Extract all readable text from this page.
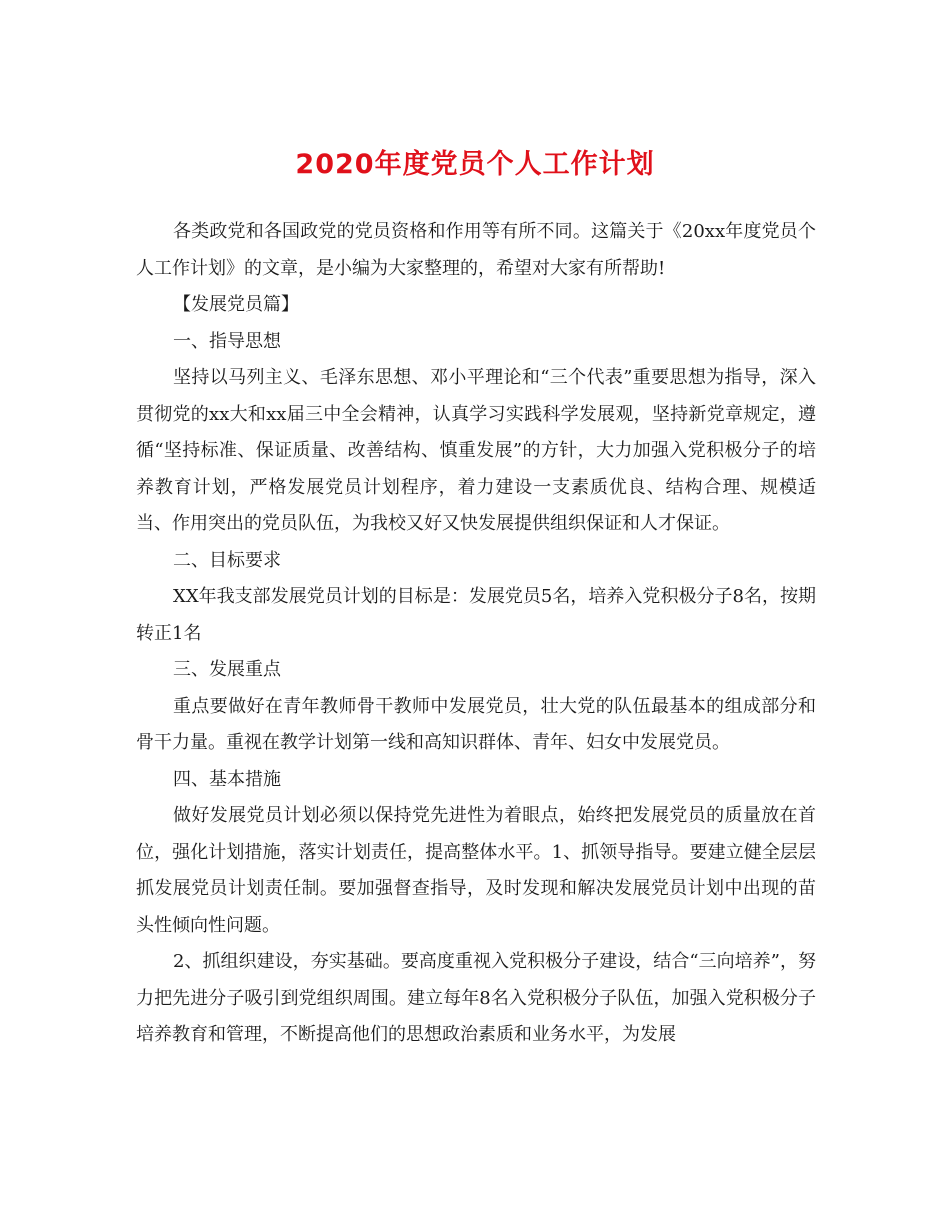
2020年度党员个人工作计划

各类政党和各国政党的党员资格和作用等有所不同。这篇关于《20xx年度党员个人工作计划》的文章，是小编为大家整理的，希望对大家有所帮助!

【发展党员篇】

一、指导思想

坚持以马列主义、毛泽东思想、邓小平理论和“三个代表”重要思想为指导，深入贯彻党的xx大和xx届三中全会精神，认真学习实践科学发展观，坚持新党章规定，遵循“坚持标准、保证质量、改善结构、慎重发展”的方针，大力加强入党积极分子的培养教育计划，严格发展党员计划程序，着力建设一支素质优良、结构合理、规模适当、作用突出的党员队伍，为我校又好又快发展提供组织保证和人才保证。

二、目标要求

XX年我支部发展党员计划的目标是：发展党员5名，培养入党积极分子8名，按期转正1名

三、发展重点

重点要做好在青年教师骨干教师中发展党员，壮大党的队伍最基本的组成部分和骨干力量。重视在教学计划第一线和高知识群体、青年、妇女中发展党员。

四、基本措施

做好发展党员计划必须以保持党先进性为着眼点，始终把发展党员的质量放在首位，强化计划措施，落实计划责任，提高整体水平。1、抓领导指导。要建立健全层层抓发展党员计划责任制。要加强督查指导，及时发现和解决发展党员计划中出现的苗头性倾向性问题。

2、抓组织建设，夯实基础。要高度重视入党积极分子建设，结合“三向培养”，努力把先进分子吸引到党组织周围。建立每年8名入党积极分子队伍，加强入党积极分子培养教育和管理，不断提高他们的思想政治素质和业务水平，为发展
